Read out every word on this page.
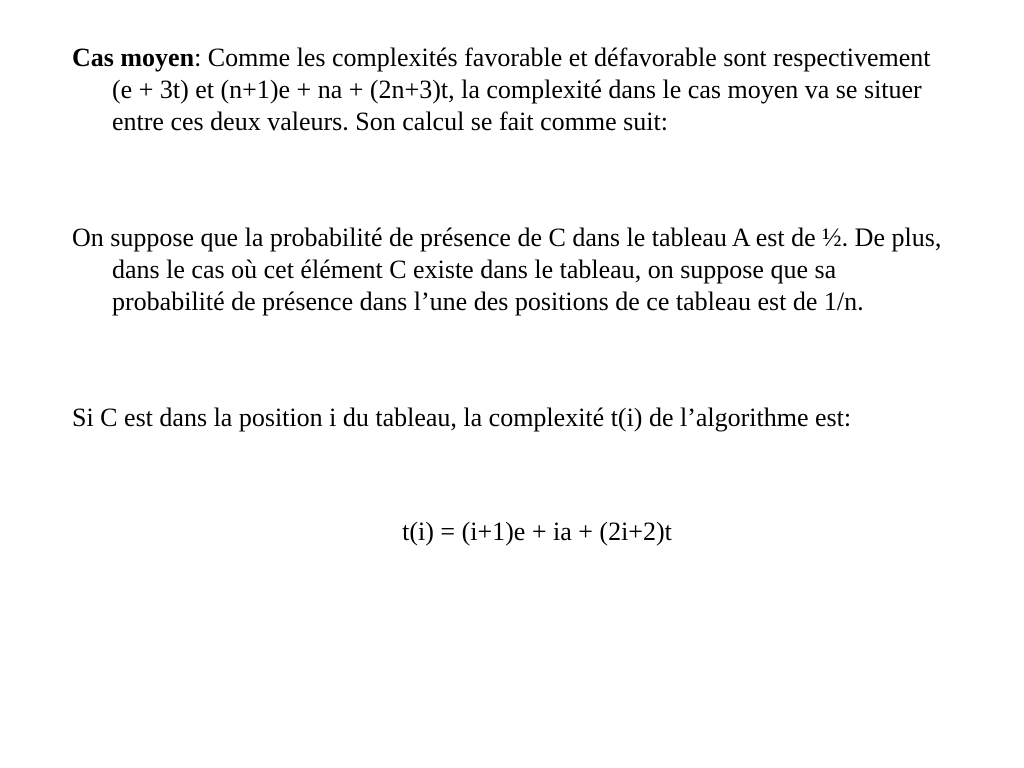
Cas moyen: Comme les complexités favorable et défavorable sont respectivement (e + 3t) et (n+1)e + na + (2n+3)t, la complexité dans le cas moyen va se situer entre ces deux valeurs. Son calcul se fait comme suit:
On suppose que la probabilité de présence de C dans le tableau A est de ½. De plus, dans le cas où cet élément C existe dans le tableau, on suppose que sa probabilité de présence dans l’une des positions de ce tableau est de 1/n.
Si C est dans la position i du tableau, la complexité t(i) de l’algorithme est:
t(i) = (i+1)e + ia + (2i+2)t
